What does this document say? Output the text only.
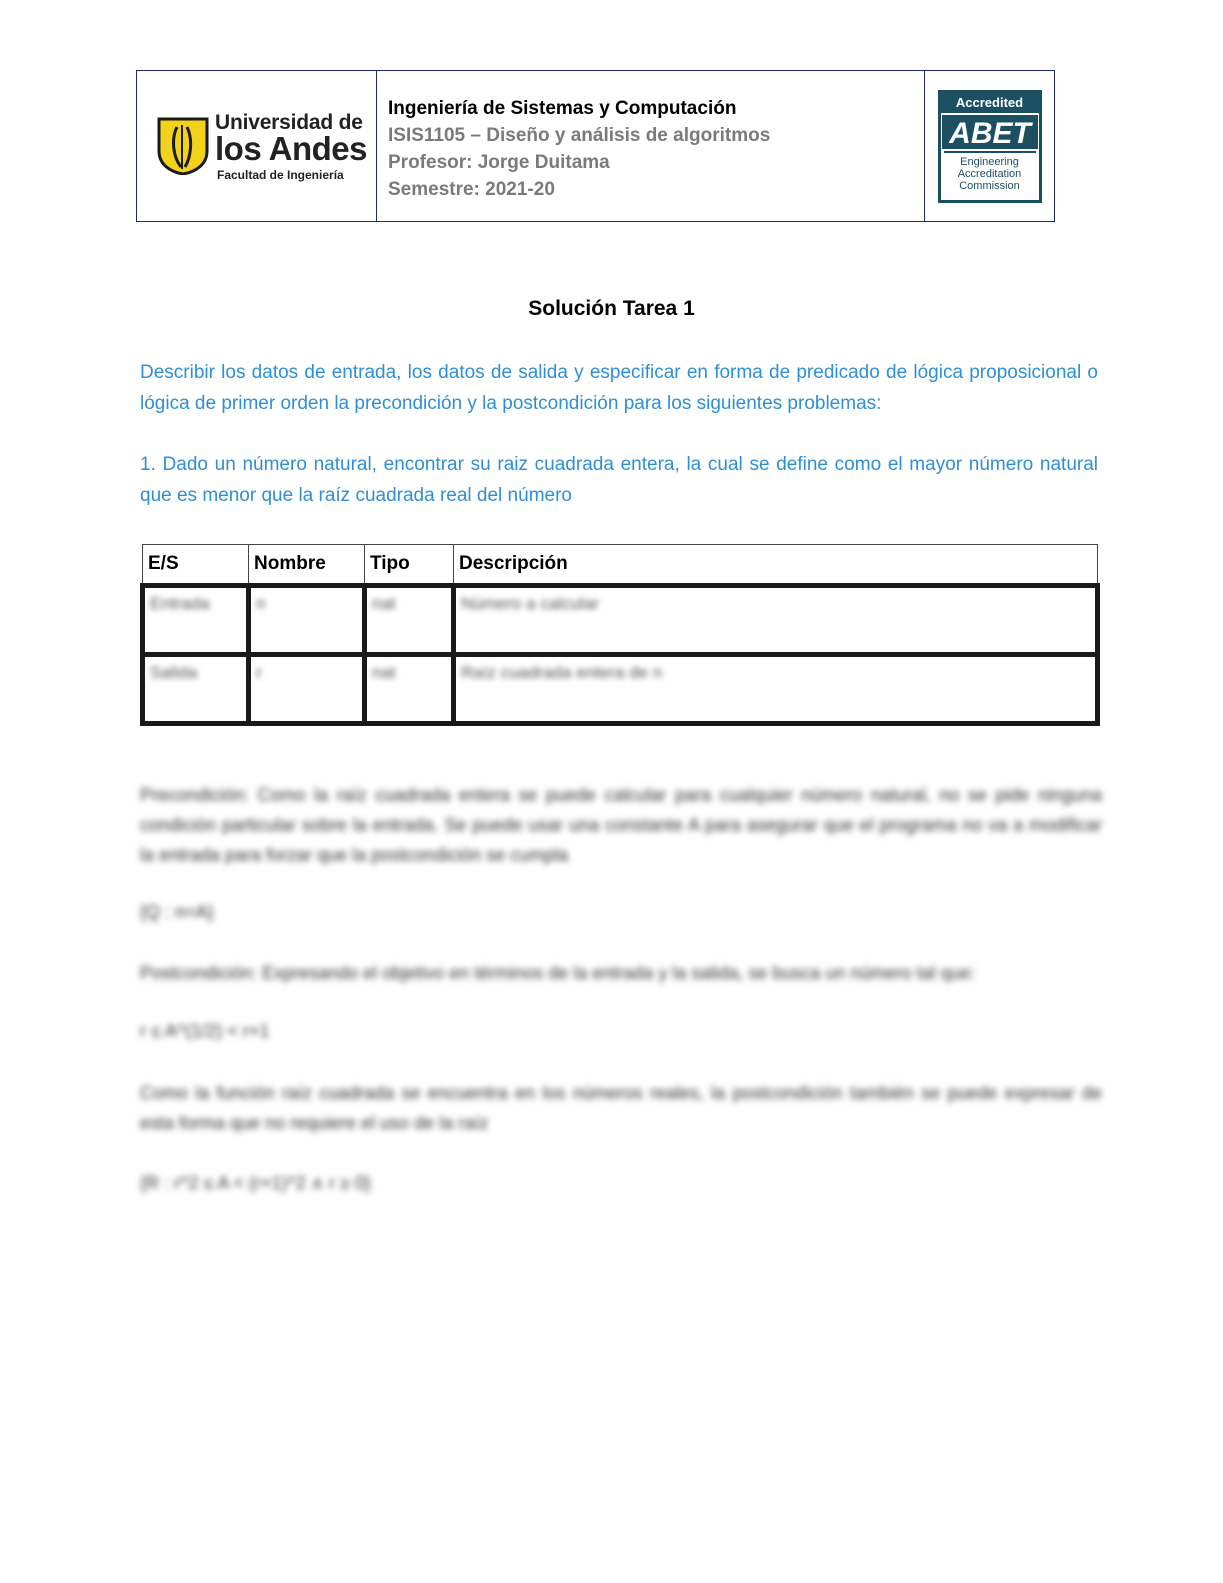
Universidad de
los Andes
Facultad de Ingeniería
Ingeniería de Sistemas y Computación
ISIS1105 – Diseño y análisis de algoritmos
Profesor: Jorge Duitama
Semestre: 2021-20
Accredited
ABET
Engineering
Accreditation
Commission
Solución Tarea 1
Describir los datos de entrada, los datos de salida y especificar en forma de predicado de lógica proposicional o lógica de primer orden la precondición y la postcondición para los siguientes problemas:
1. Dado un número natural, encontrar su raiz cuadrada entera, la cual se define como el mayor número natural que es menor que la raíz cuadrada real del número
E/S	Nombre	Tipo	Descripción
Entrada	n	nat	Número a calcular
Salida	r	nat	Raíz cuadrada entera de n
Precondición: Como la raíz cuadrada entera se puede calcular para cualquier número natural, no se pide ninguna condición particular sobre la entrada. Se puede usar una constante A para asegurar que el programa no va a modificar la entrada para forzar que la postcondición se cumpla
{Q : n=A}
Postcondición: Expresando el objetivo en términos de la entrada y la salida, se busca un número tal que:
r ≤ A^(1/2) < r+1
Como la función raíz cuadrada se encuentra en los números reales, la postcondición también se puede expresar de esta forma que no requiere el uso de la raíz
{R : r^2 ≤ A < (r+1)^2 ∧ r ≥ 0}
